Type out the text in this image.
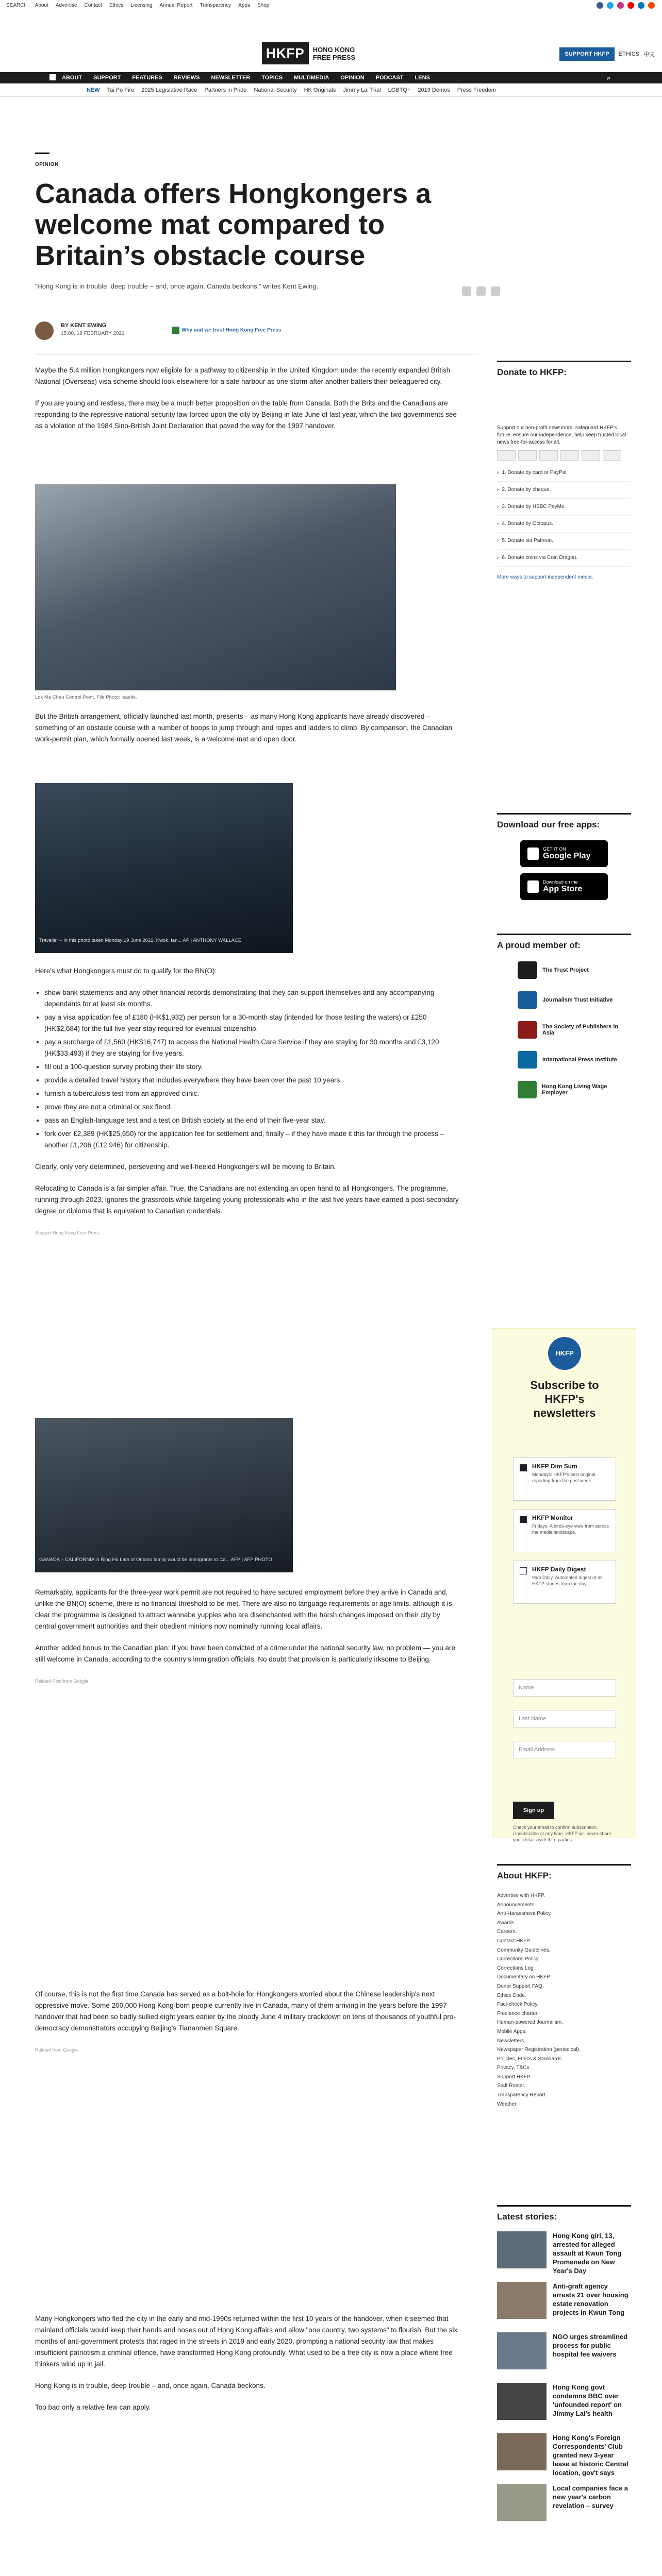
SEARCH About Advertise Contact Ethics Licensing Annual Report Transparency Apps Shop
HKFP	HONG KONG
FREE PRESS	SUPPORT HKFP	ETHICS 中文
ABOUT SUPPORT FEATURES REVIEWS NEWSLETTER TOPICS MULTIMEDIA OPINION PODCAST LENS	⌕
NEW Tai Po Fire 2025 Legislative Race Partners in Pride National Security HK Originals Jimmy Lai Trial LGBTQ+ 2019 Demos Press Freedom
OPINION
Canada offers Hongkongers a welcome mat compared to Britain’s obstacle course
“Hong Kong is in trouble, deep trouble – and, once again, Canada beckons,” writes Kent Ewing.
BY KENT EWING
15:00, 18 FEBRUARY 2021
Why and we trust Hong Kong Free Press

Maybe the 5.4 million Hongkongers now eligible for a pathway to citizenship in the United Kingdom under the recently expanded British National (Overseas) visa scheme should look elsewhere for a safe harbour as one storm after another batters their beleaguered city.

If you are young and restless, there may be a much better proposition on the table from Canada. Both the Brits and the Canadians are responding to the repressive national security law forced upon the city by Beijing in late June of last year, which the two governments see as a violation of the 1984 Sino-British Joint Declaration that paved the way for the 1997 handover.

Lok Ma Chau Control Point. File Photo: Isaeltk.

But the British arrangement, officially launched last month, presents – as many Hong Kong applicants have already discovered – something of an obstacle course with a number of hoops to jump through and ropes and ladders to climb. By comparison, the Canadian work-permit plan, which formally opened last week, is a welcome mat and open door.

Traveller – In this photo taken Monday 19 June 2021, Kwok, fan... AP | ANTHONY WALLACE

Here's what Hongkongers must do to qualify for the BN(O):

• show bank statements and any other financial records demonstrating that they can support themselves and any accompanying dependants for at least six months.
• pay a visa application fee of £180 (HK$1,932) per person for a 30-month stay (intended for those testing the waters) or £250 (HK$2,684) for the full five-year stay required for eventual citizenship.
• pay a surcharge of £1,560 (HK$16,747) to access the National Health Care Service if they are staying for 30 months and £3,120 (HK$33,493) if they are staying for five years.
• fill out a 100-question survey probing their life story.
• provide a detailed travel history that includes everywhere they have been over the past 10 years.
• furnish a tuberculosis test from an approved clinic.
• prove they are not a criminal or sex fiend.
• pass an English-language test and a test on British society at the end of their five-year stay.
• fork over £2,389 (HK$25,650) for the application fee for settlement and, finally – if they have made it this far through the process – another £1,206 (£12,946) for citizenship.

Clearly, only very determined, persevering and well-heeled Hongkongers will be moving to Britain.

Relocating to Canada is a far simpler affair. True, the Canadians are not extending an open hand to all Hongkongers. The programme, running through 2023, ignores the grassroots while targeting young professionals who in the last five years have earned a post-secondary degree or diploma that is equivalent to Canadian credentials.

Support Hong Kong Free Press

GANADA – CALIFORNIA in Ring Ho Lam of Ontario family would be immigrants to Ca... AFP | AFP PHOTO

Remarkably, applicants for the three-year work permit are not required to have secured employment before they arrive in Canada and, unlike the BN(O) scheme, there is no financial threshold to be met. There are also no language requirements or age limits, although it is clear the programme is designed to attract wannabe yuppies who are disenchanted with the harsh changes imposed on their city by central government authorities and their obedient minions now nominally running local affairs.

Another added bonus to the Canadian plan: If you have been convicted of a crime under the national security law, no problem — you are still welcome in Canada, according to the country's immigration officials. No doubt that provision is particularly irksome to Beijing.

Related Post from Google

Of course, this is not the first time Canada has served as a bolt-hole for Hongkongers worried about the Chinese leadership's next oppressive move. Some 200,000 Hong Kong-born people currently live in Canada, many of them arriving in the years before the 1997 handover that had been so badly sullied eight years earlier by the bloody June 4 military crackdown on tens of thousands of youthful pro-democracy demonstrators occupying Beijing's Tiananmen Square.

Related from Google

Many Hongkongers who fled the city in the early and mid-1990s returned within the first 10 years of the handover, when it seemed that mainland officials would keep their hands and noses out of Hong Kong affairs and allow "one country, two systems" to flourish. But the six months of anti-government protests that raged in the streets in 2019 and early 2020, prompting a national security law that makes insufficient patriotism a criminal offence, have transformed Hong Kong profoundly. What used to be a free city is now a place where free thinkers wind up in jail.

Hong Kong is in trouble, deep trouble – and, once again, Canada beckons.

Too bad only a relative few can apply.

Donate to HKFP:

Support our non-profit newsroom: safeguard HKFP's future, ensure our independence, help keep trusted local news free-for-access for all.

› 1. Donate by card or PayPal.
› 2. Donate by cheque.
› 3. Donate by HSBC PayMe.
› 4. Donate by Octopus.
› 5. Donate via Patreon.
› 6. Donate coins via Coin Dragon.
More ways to support independent media.
Download our free apps:
GET IT ON
Google Play
Download on the
App Store
A proud member of:
The Trust Project
Journalism Trust Initiative
The Society of Publishers in Asia
International Press Institute
Hong Kong Living Wage Employer
HKFP
Subscribe to HKFP's newsletters
HKFP Dim Sum
Mondays: HKFP's best original reporting from the past week.
HKFP Monitor
Fridays: A birds-eye view from across the media landscape.
HKFP Daily Digest
9am Daily: Automated digest of all HKFP stories from the day.
Name
Last Name
Email Address
Sign up
Check your email to confirm subscription. Unsubscribe at any time. HKFP will never share your details with third parties.
About HKFP:
Advertise with HKFP.
Announcements.
Anti-Harassment Policy.
Awards.
Careers.
Contact HKFP.
Community Guidelines.
Corrections Policy.
Corrections Log.
Documentary on HKFP.
Donor Support FAQ.
Ethics Code.
Fact-check Policy.
Freelance charter.
Human-powered Journalism.
Mobile Apps.
Newsletters.
Newspaper Registration (periodical).
Policies, Ethics & Standards.
Privacy, T&Cs.
Support HKFP.
Staff Roster.
Transparency Report.
Weather.
Latest stories:
Hong Kong girl, 13, arrested for alleged assault at Kwun Tong Promenade on New Year's Day
Anti-graft agency arrests 21 over housing estate renovation projects in Kwun Tong
NGO urges streamlined process for public hospital fee waivers
Hong Kong govt condemns BBC over 'unfounded report' on Jimmy Lai's health
Hong Kong's Foreign Correspondents' Club granted new 3-year lease at historic Central location, gov't says
Local companies face a new year's carbon revelation – survey
